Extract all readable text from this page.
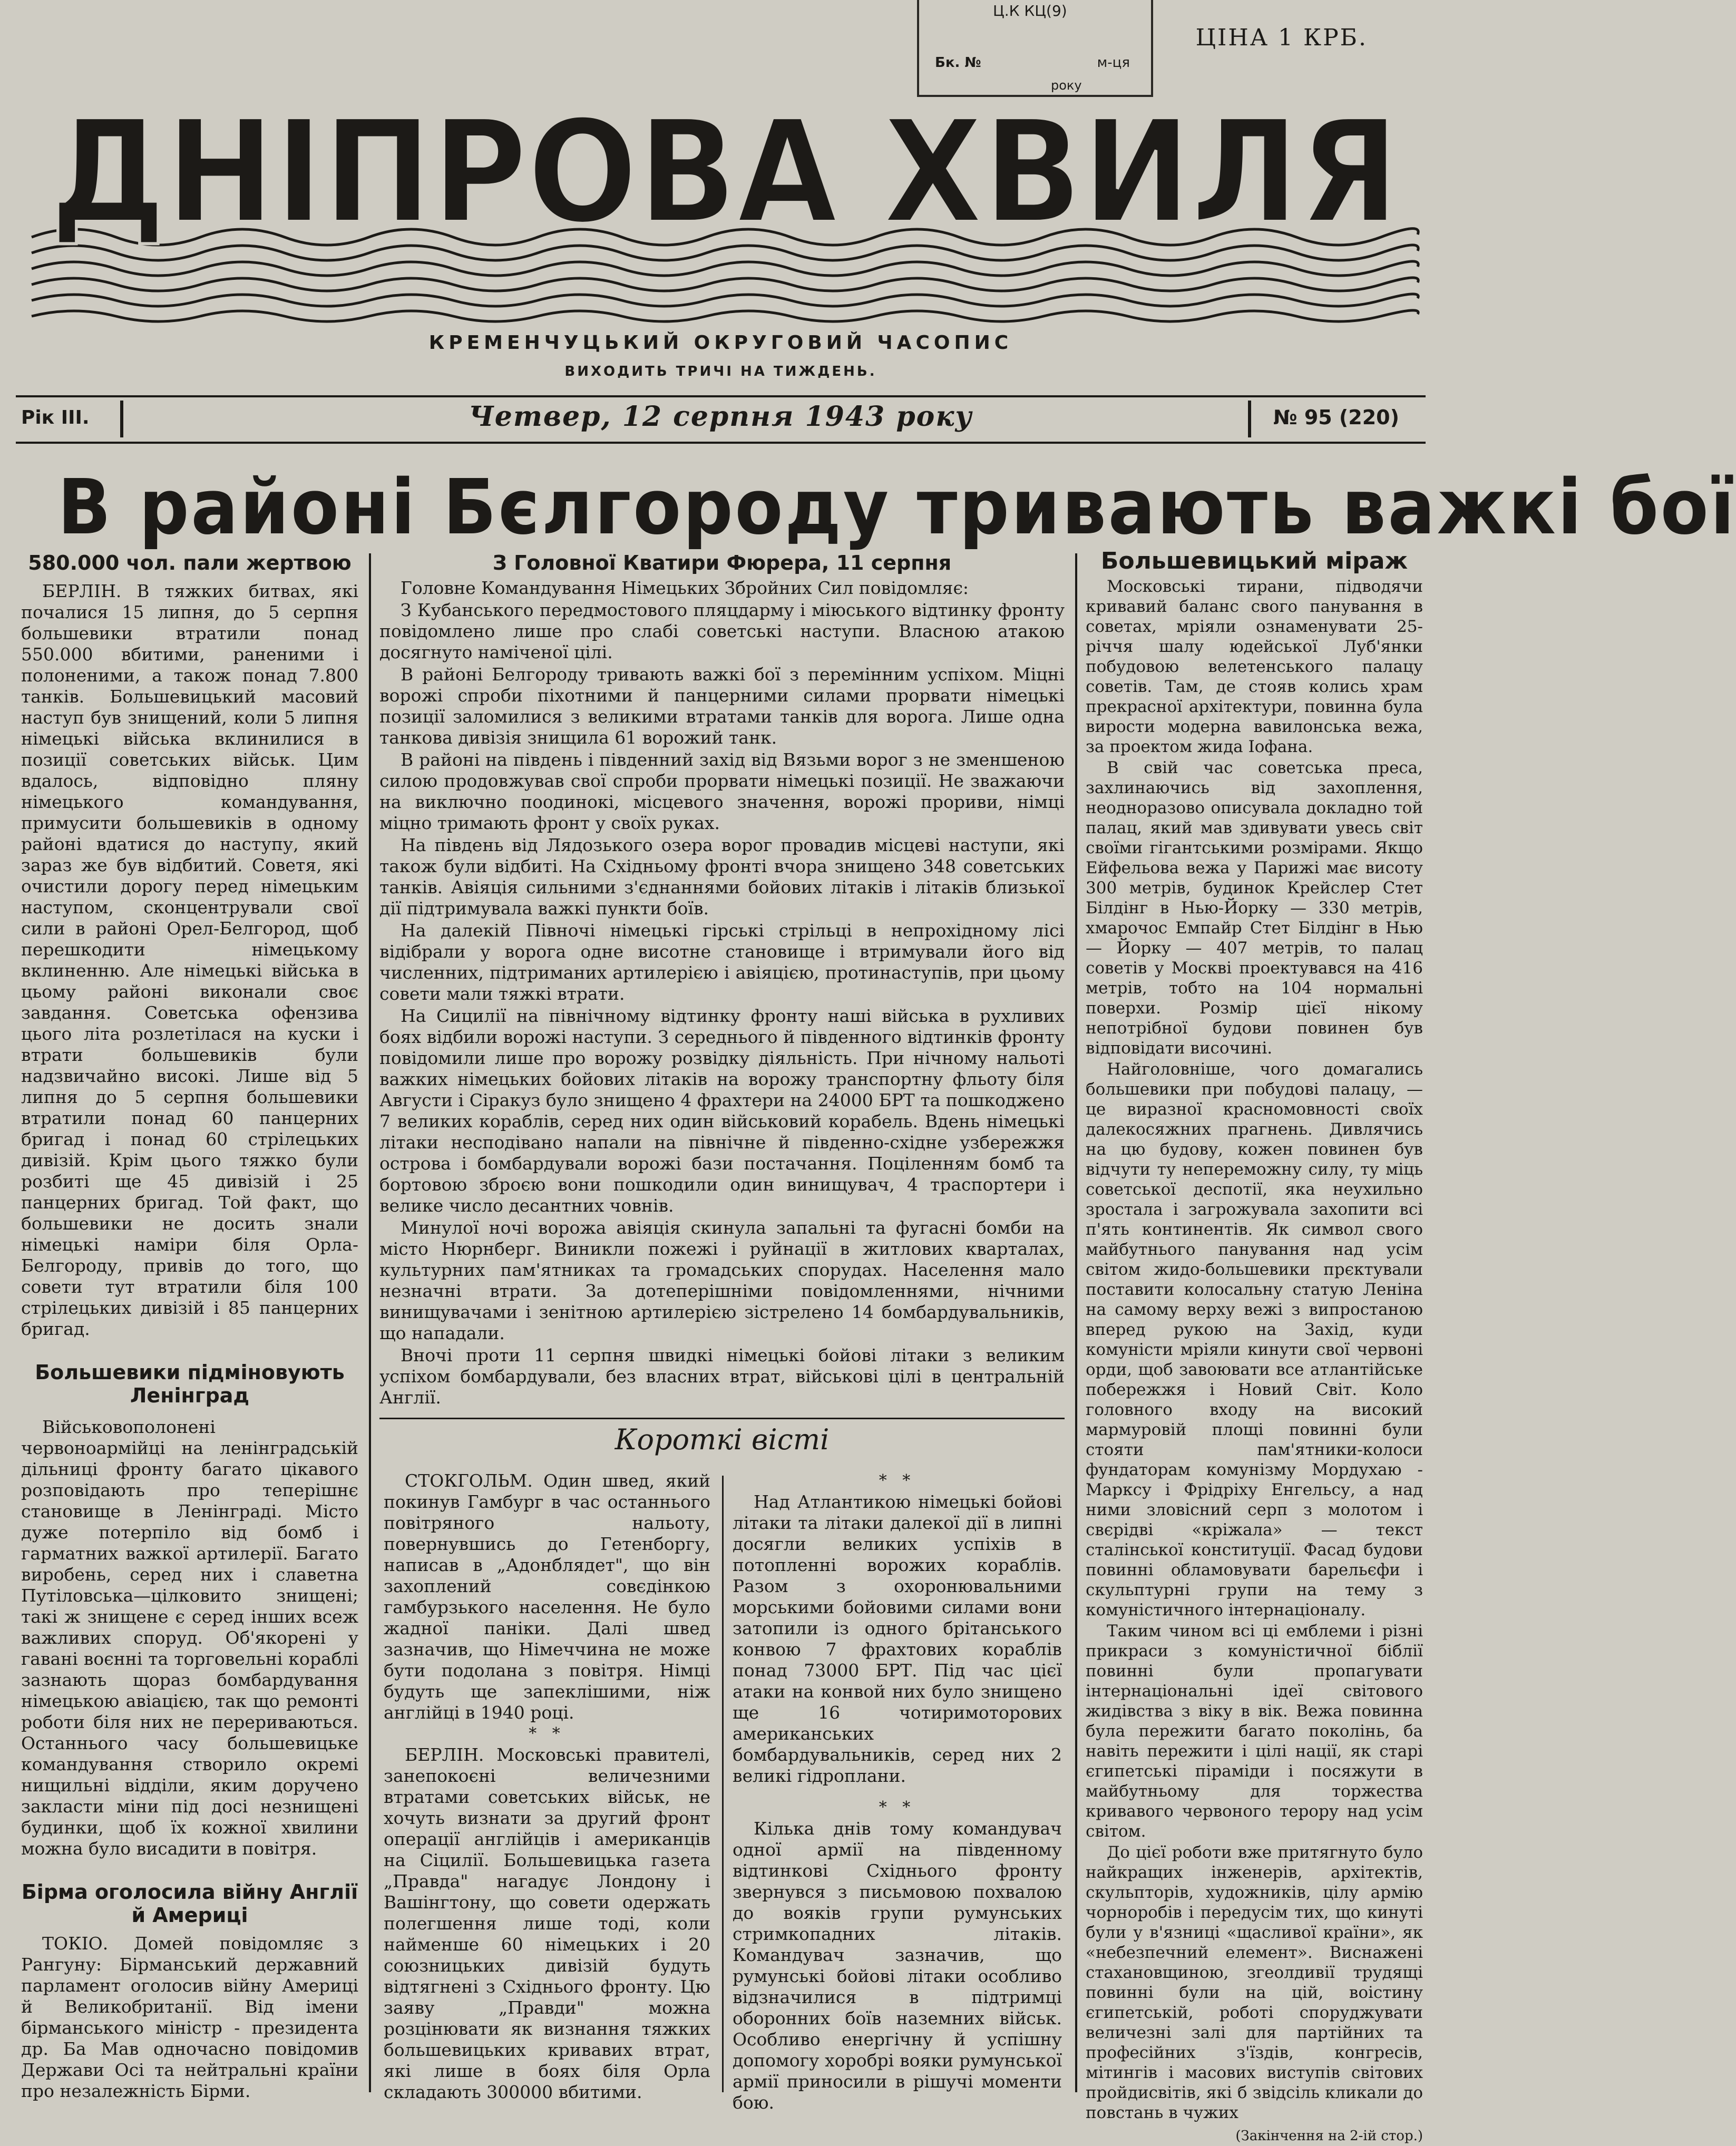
Ц.К КЦ(9)
Бк. №	м-ця
року
ЦІНА 1 КРБ.
ДНІПРОВА ХВИЛЯ
КРЕМЕНЧУЦЬКИЙ ОКРУГОВИЙ ЧАСОПИС
ВИХОДИТЬ ТРИЧІ НА ТИЖДЕНЬ.
Рік III.	Четвер, 12 серпня 1943 року	№ 95 (220)
В районі Бєлгороду тривають важкі бої
580.000 чол. пали жертвою

БЕРЛІН. В тяжких битвах, які почалися 15 липня, до 5 серпня большевики втратили понад 550.000 вбитими, раненими і полоненими, а також понад 7.800 танків. Большевицький масовий наступ був знищений, коли 5 липня німецькі війська вклинилися в позиції советських військ. Цим вдалось, відповідно пляну німецького командування, примусити большевиків в одному районі вдатися до наступу, який зараз же був відбитий. Советя, які очистили дорогу перед німецьким наступом, сконцентрували свої сили в районі Орел-Белгород, щоб перешкодити німецькому вклиненню. Але німецькі війська в цьому районі виконали своє завдання. Советська офензива цього літа розлетілася на куски і втрати большевиків були надзвичайно високі. Лише від 5 липня до 5 серпня большевики втратили понад 60 панцерних бригад і понад 60 стрілецьких дивізій. Крім цього тяжко були розбиті ще 45 дивізій і 25 панцерних бригад. Той факт, що большевики не досить знали німецькі наміри біля Орла-Белгороду, привів до того, що совети тут втратили біля 100 стрілецьких дивізій і 85 панцерних бригад.

Большевики підміновують Ленінград

Військовополонені червоноармійці на ленінградській дільниці фронту багато цікавого розповідають про теперішнє становище в Ленінграді. Місто дуже потерпіло від бомб і гарматних важкої артилерії. Багато виробень, серед них і славетна Путіловська—цілковито знищені; такі ж знищене є серед інших всеж важливих споруд. Об'якорені у гавані воєнні та торговельні кораблі зазнають щораз бомбардування німецькою авіацією, так що ремонті роботи біля них не перериваються. Останнього часу большевицьке командування створило окремі нищильні відділи, яким доручено закласти міни під досі незнищені будинки, щоб їх кожної хвилини можна було висадити в повітря.

Бірма оголосила війну Англії й Америці

ТОКІО. Домей повідомляє з Рангуну: Бірманський державний парламент оголосив війну Америці й Великобританії. Від імени бірманського міністр - президента др. Ба Мав одночасно повідомив Держави Осі та нейтральні країни про незалежність Бірми.

З Головної Кватири Фюрера, 11 серпня

Головне Командування Німецьких Збройних Сил повідомляє:

З Кубанського передмостового пляцдарму і міюського відтинку фронту повідомлено лише про слабі советські наступи. Власною атакою досягнуто наміченої цілі.

В районі Белгороду тривають важкі бої з перемінним успіхом. Міцні ворожі спроби піхотними й панцерними силами прорвати німецькі позиції заломилися з великими втратами танків для ворога. Лише одна танкова дивізія знищила 61 ворожий танк.

В районі на південь і південний захід від Вязьми ворог з не зменшеною силою продовжував свої спроби прорвати німецькі позиції. Не зважаючи на виключно поодинокі, місцевого значення, ворожі прориви, німці міцно тримають фронт у своїх руках.

На південь від Лядозького озера ворог провадив місцеві наступи, які також були відбиті. На Східньому фронті вчора знищено 348 советських танків. Авіяція сильними з'єднаннями бойових літаків і літаків близької дії підтримувала важкі пункти боїв.

На далекій Півночі німецькі гірські стрільці в непрохідному лісі відібрали у ворога одне висотне становище і втримували його від численних, підтриманих артилерією і авіяцією, протинаступів, при цьому совети мали тяжкі втрати.

На Сицилії на північному відтинку фронту наші війська в рухливих боях відбили ворожі наступи. З середнього й південного відтинків фронту повідомили лише про ворожу розвідку діяльність. При нічному нальоті важких німецьких бойових літаків на ворожу транспортну фльоту біля Августи і Сіракуз було знищено 4 фрахтери на 24000 БРТ та пошкоджено 7 великих кораблів, серед них один військовий корабель. Вдень німецькі літаки несподівано напали на північне й південно-східне узбережжя острова і бомбардували ворожі бази постачання. Поціленням бомб та бортовою зброєю вони пошкодили один винищувач, 4 траспортери і велике число десантних човнів.

Минулої ночі ворожа авіяція скинула запальні та фугасні бомби на місто Нюрнберг. Виникли пожежі і руйнації в житлових кварталах, культурних пам'ятниках та громадських спорудах. Населення мало незначні втрати. За дотеперішніми повідомленнями, нічними винищувачами і зенітною артилерією зістрелено 14 бомбардувальників, що нападали.

Вночі проти 11 серпня швидкі німецькі бойові літаки з великим успіхом бомбардували, без власних втрат, військові цілі в центральній Англії.

Короткі вісті

СТОКГОЛЬМ. Один швед, який покинув Гамбург в час останнього повітряного нальоту, повернувшись до Гетенборгу, написав в „Адонблядет", що він захоплений совєдінкою гамбурзького населення. Не було жадної паніки. Далі швед зазначив, що Німеччина не може бути подолана з повітря. Німці будуть ще запеклішими, ніж англійці в 1940 році.

* *

БЕРЛІН. Московські правителі, занепокоєні величезними втратами советських військ, не хочуть визнати за другий фронт операції англійців і американців на Сіцилії. Большевицька газета „Правда" нагадує Лондону і Вашінгтону, що совети одержать полегшення лише тоді, коли найменше 60 німецьких і 20 союзницьких дивізій будуть відтягнені з Східнього фронту. Цю заяву „Правди" можна розцінювати як визнання тяжких большевицьких кривавих втрат, які лише в боях біля Орла складають 300000 вбитими.

* *

Над Атлантикою німецькі бойові літаки та літаки далекої дії в липні досягли великих успіхів в потопленні ворожих кораблів. Разом з охоронювальними морськими бойовими силами вони затопили із одного брітанського конвою 7 фрахтових кораблів понад 73000 БРТ. Під час цієї атаки на конвой них було знищено ще 16 чотиримоторових американських бомбардувальників, серед них 2 великі гідроплани.

* *

Кілька днів тому командувач одної армії на південному відтинкові Східнього фронту звернувся з письмовою похвалою до вояків групи румунських стримкопадних літаків. Командувач зазначив, що румунські бойові літаки особливо відзначилися в підтримці оборонних боїв наземних військ. Особливо енергічну й успішну допомогу хоробрі вояки румунської армії приносили в рішучі моменти бою.

Большевицький міраж

Московські тирани, підводячи кривавий баланс свого панування в советах, мріяли ознаменувати 25-річчя шалу юдейської Луб'янки побудовою велетенського палацу советів. Там, де стояв колись храм прекрасної архітектури, повинна була вирости модерна вавилонська вежа, за проектом жида Іофана.

В свій час советська преса, захлинаючись від захоплення, неодноразово описувала докладно той палац, який мав здивувати увесь світ своїми гігантськими розмірами. Якщо Ейфельова вежа у Парижі має висоту 300 метрів, будинок Крейслер Стет Білдінг в Нью-Йорку — 330 метрів, хмарочос Емпайр Стет Білдінг в Нью — Йорку — 407 метрів, то палац советів у Москві проектувався на 416 метрів, тобто на 104 нормальні поверхи. Розмір цієї нікому непотрібної будови повинен був відповідати височині.

Найголовніше, чого домагались большевики при побудові палацу, — це виразної красномовності своїх далекосяжних прагнень. Дивлячись на цю будову, кожен повинен був відчути ту непереможну силу, ту міць советської деспотії, яка неухильно зростала і загрожувала захопити всі п'ять континентів. Як символ свого майбутнього панування над усім світом жидо-большевики прєктували поставити колосальну статую Леніна на самому верху вежі з випростаною вперед рукою на Захід, куди комуністи мріяли кинути свої червоні орди, щоб завоювати все атлантійське побережжя і Новий Світ. Коло головного входу на високий мармуровій площі повинні були стояти пам'ятники-колоси фундаторам комунізму Мордухаю - Марксу і Фрідріху Енгельсу, а над ними зловісний серп з молотом і свєрідві «кріжала» — текст сталінської конституції. Фасад будови повинні обламовувати барельєфи і скульптурні групи на тему з комуністичного інтернаціоналу.

Таким чином всі ці емблеми і різні прикраси з комуністичної біблії повинні були пропагувати інтернаціональні ідеї світового жидівства з віку в вік. Вежа повинна була пережити багато поколінь, ба навіть пережити і цілі нації, як старі єгипетські піраміди і посяжути в майбутньому для торжества кривавого червоного терору над усім світом.

До цієї роботи вже притягнуто було найкращих інженерів, архітектів, скульпторів, художників, цілу армію чорноробів і передусім тих, що кинуті були у в'язниці «щасливої країни», як «небезпечний елемент». Виснажені стахановщиною, згеолдивії трудящі повинні були на цій, воістину єгипетській, роботі споруджувати величезні залі для партійних та професійних з'їздів, конгресів, мітингів і масових виступів світових пройдисвітів, які б звідсіль кликали до повстань в чужих

(Закінчення на 2-ій стор.)
